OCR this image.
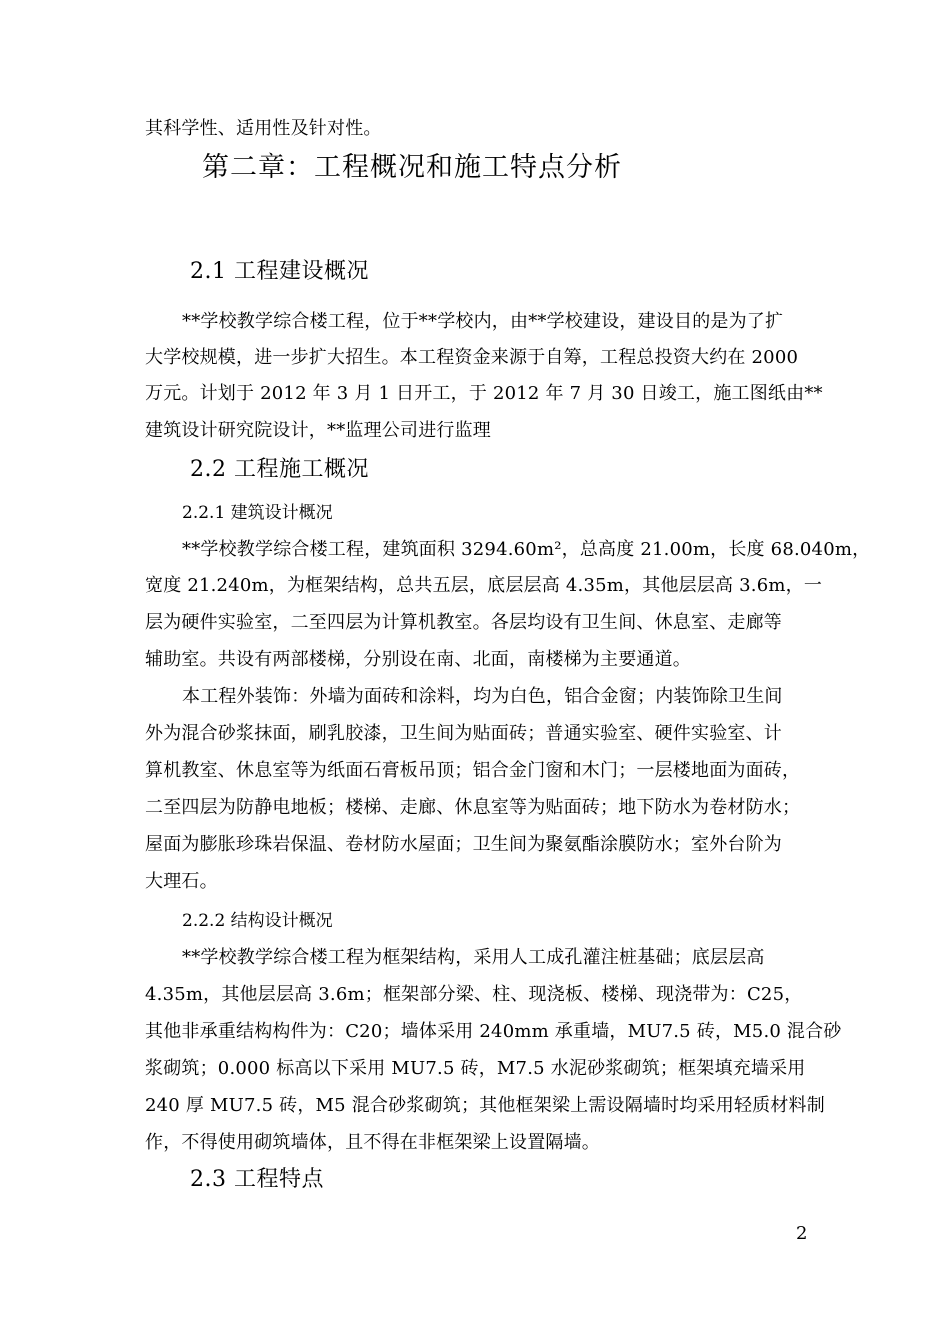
其科学性、适用性及针对性。
第二章：工程概况和施工特点分析
2.1 工程建设概况
**学校教学综合楼工程，位于**学校内，由**学校建设，建设目的是为了扩
大学校规模，进一步扩大招生。本工程资金来源于自筹，工程总投资大约在 2000
万元。计划于 2012 年 3 月 1 日开工，于 2012 年 7 月 30 日竣工，施工图纸由**
建筑设计研究院设计，**监理公司进行监理
2.2 工程施工概况
2.2.1 建筑设计概况
**学校教学综合楼工程，建筑面积 3294.60m²，总高度 21.00m，长度 68.040m，
宽度 21.240m，为框架结构，总共五层，底层层高 4.35m，其他层层高 3.6m，一
层为硬件实验室，二至四层为计算机教室。各层均设有卫生间、休息室、走廊等
辅助室。共设有两部楼梯，分别设在南、北面，南楼梯为主要通道。
本工程外装饰：外墙为面砖和涂料，均为白色，铝合金窗；内装饰除卫生间
外为混合砂浆抹面，刷乳胶漆，卫生间为贴面砖；普通实验室、硬件实验室、计
算机教室、休息室等为纸面石膏板吊顶；铝合金门窗和木门；一层楼地面为面砖，
二至四层为防静电地板；楼梯、走廊、休息室等为贴面砖；地下防水为卷材防水；
屋面为膨胀珍珠岩保温、卷材防水屋面；卫生间为聚氨酯涂膜防水；室外台阶为
大理石。
2.2.2 结构设计概况
**学校教学综合楼工程为框架结构，采用人工成孔灌注桩基础；底层层高
4.35m，其他层层高 3.6m；框架部分梁、柱、现浇板、楼梯、现浇带为：C25，
其他非承重结构构件为：C20；墙体采用 240mm 承重墙，MU7.5 砖，M5.0 混合砂
浆砌筑；0.000 标高以下采用 MU7.5 砖，M7.5 水泥砂浆砌筑；框架填充墙采用
240 厚 MU7.5 砖，M5 混合砂浆砌筑；其他框架梁上需设隔墙时均采用轻质材料制
作，不得使用砌筑墙体，且不得在非框架梁上设置隔墙。
2.3 工程特点
2
